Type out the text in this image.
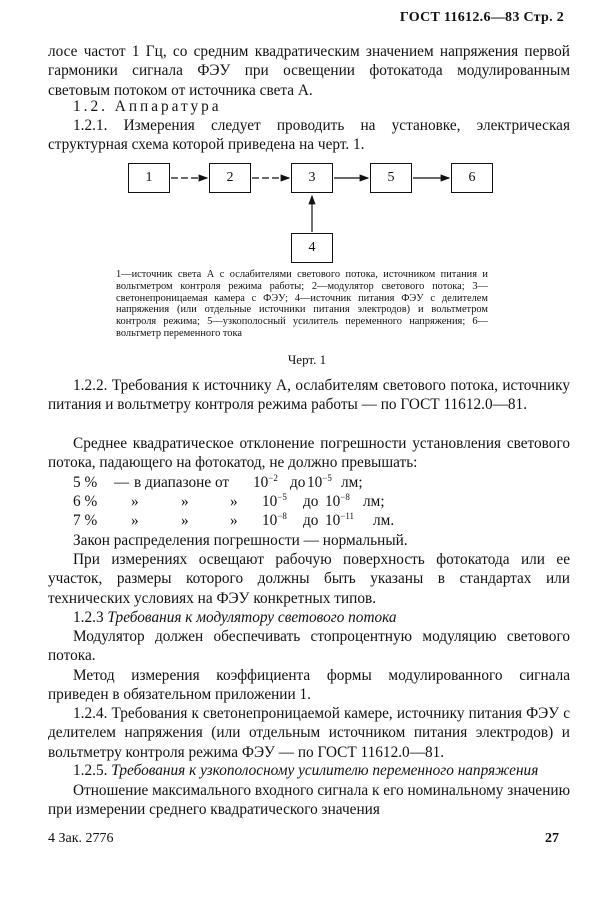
ГОСТ 11612.6—83 Стр. 2

лосе частот 1 Гц, со средним квадратическим значением напряжения первой гармоники сигнала ФЭУ при освещении фотокатода модулированным световым потоком от источника света А.

1.2. Аппаратура

1.2.1. Измерения следует проводить на установке, электрическая структурная схема которой приведена на черт. 1.

1	2	3	5	6
4

1—источник света А с ослабителями светового потока, источником питания и вольтметром контроля режима работы; 2—модулятор светового потока; 3—светонепроницаемая камера с ФЭУ; 4—источник питания ФЭУ с делителем напряжения (или отдельные источники питания электродов) и вольтметром контроля режима; 5—узкополосный усилитель переменного напряжения; 6—вольтметр переменного тока

Черт. 1

1.2.2. Требования к источнику А, ослабителям светового потока, источнику питания и вольтметру контроля режима работы — по ГОСТ 11612.0—81.

Среднее квадратическое отклонение погрешности установления светового потока, падающего на фотокатод, не должно превышать:

5 % — в диапазоне от $10^{-2}$ до $10^{-5}$ лм;
6 % »	»	» $10^{-5}$ до $10^{-8}$ лм;
7 % »	»	» $10^{-8}$ до $10^{-11}$ лм.

Закон распределения погрешности — нормальный.

При измерениях освещают рабочую поверхность фотокатода или ее участок, размеры которого должны быть указаны в стандартах или технических условиях на ФЭУ конкретных типов.

1.2.3 Требования к модулятору светового потока

Модулятор должен обеспечивать стопроцентную модуляцию светового потока.

Метод измерения коэффициента формы модулированного сигнала приведен в обязательном приложении 1.

1.2.4. Требования к светонепроницаемой камере, источнику питания ФЭУ с делителем напряжения (или отдельным источником питания электродов) и вольтметру контроля режима ФЭУ — по ГОСТ 11612.0—81.

1.2.5. Требования к узкополосному усилителю переменного напряжения

Отношение максимального входного сигнала к его номинальному значению при измерении среднего квадратического значения

4 Зак. 2776	27
